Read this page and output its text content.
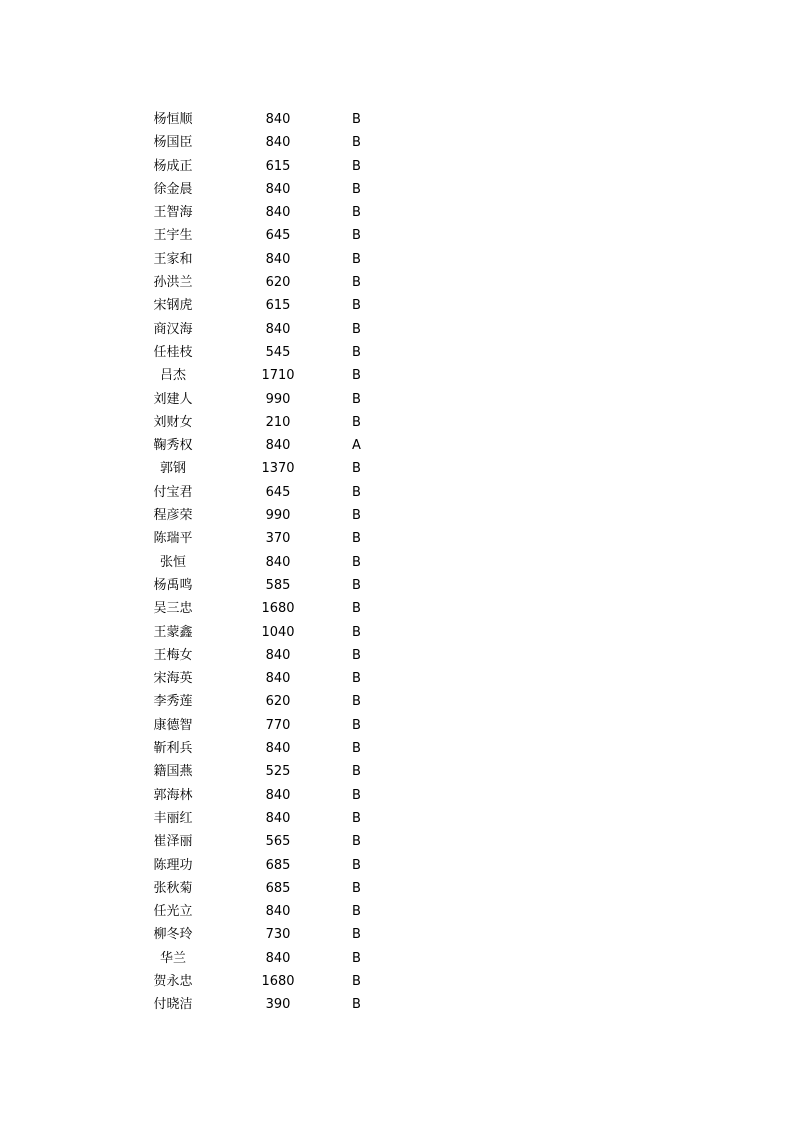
杨恒顺	840	B
杨国臣	840	B
杨成正	615	B
徐金晨	840	B
王智海	840	B
王宇生	645	B
王家和	840	B
孙洪兰	620	B
宋钢虎	615	B
商汉海	840	B
任桂枝	545	B
吕杰	1710	B
刘建人	990	B
刘财女	210	B
鞠秀权	840	A
郭钢	1370	B
付宝君	645	B
程彦荣	990	B
陈瑞平	370	B
张恒	840	B
杨禹鸣	585	B
吴三忠	1680	B
王蒙鑫	1040	B
王梅女	840	B
宋海英	840	B
李秀莲	620	B
康德智	770	B
靳利兵	840	B
籍国燕	525	B
郭海林	840	B
丰丽红	840	B
崔泽丽	565	B
陈理功	685	B
张秋菊	685	B
任光立	840	B
柳冬玲	730	B
华兰	840	B
贺永忠	1680	B
付晓洁	390	B
